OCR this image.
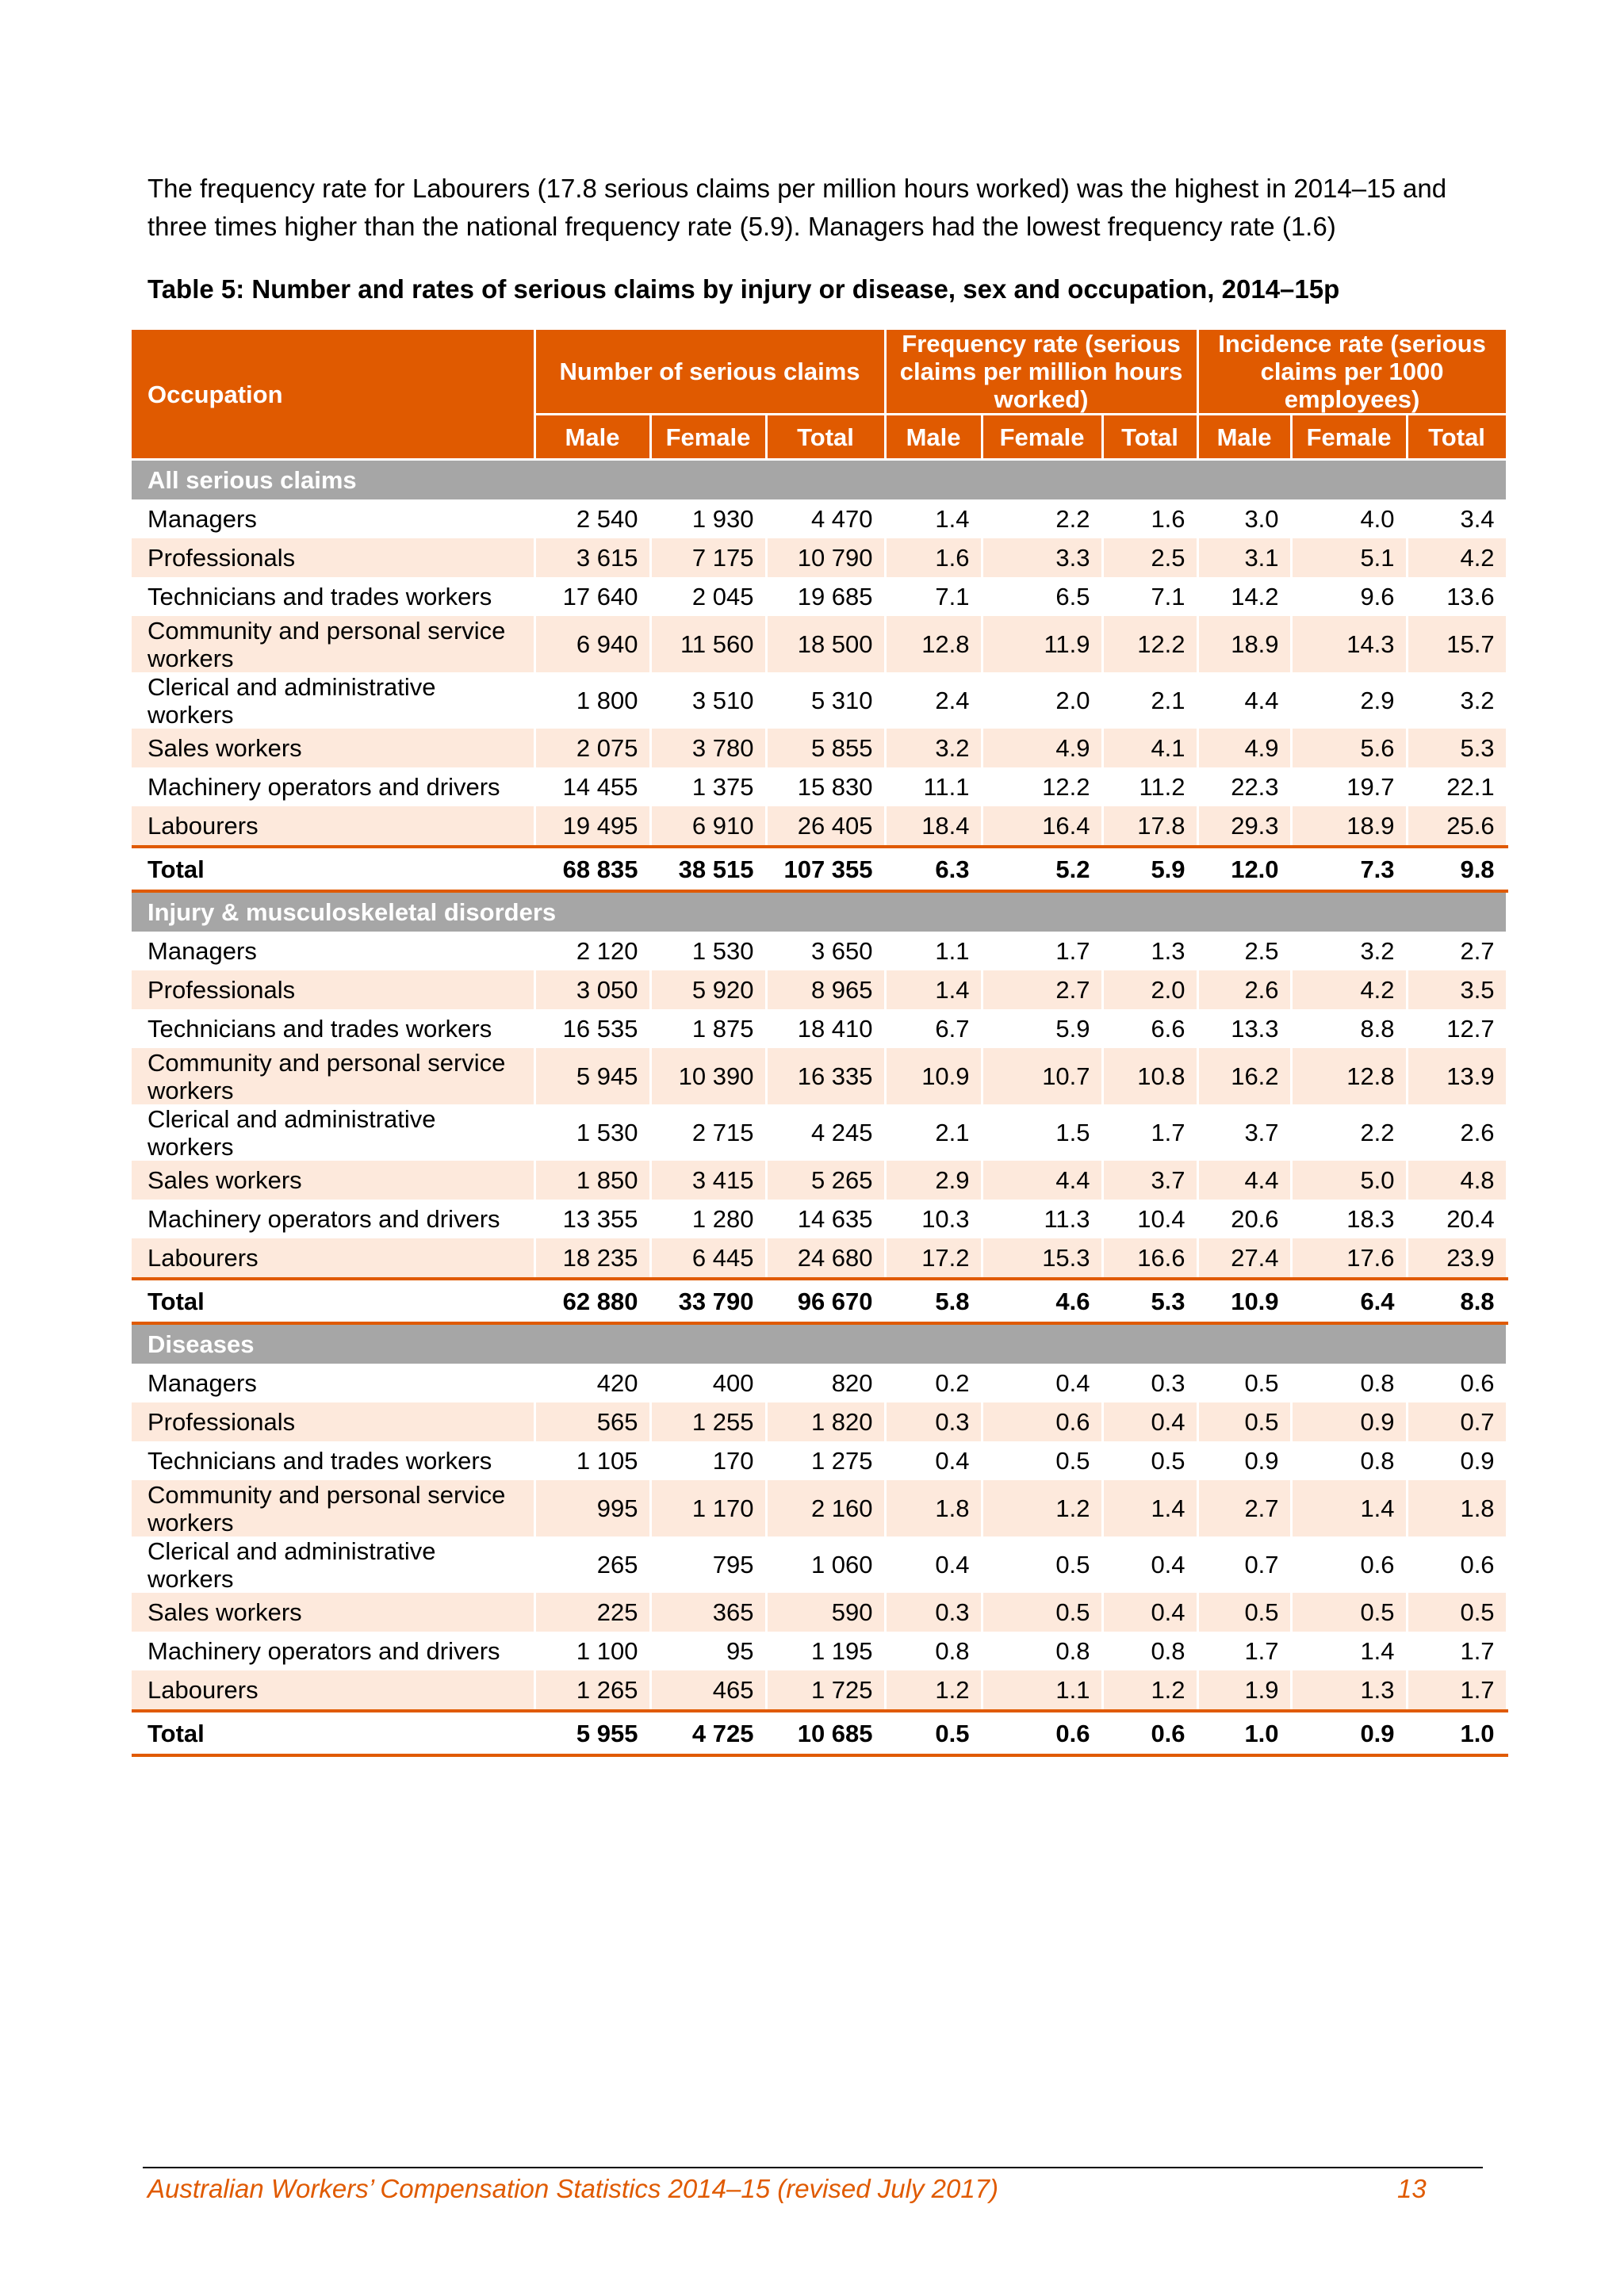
The frequency rate for Labourers (17.8 serious claims per million hours worked) was the highest in 2014–15 and three times higher than the national frequency rate (5.9). Managers had the lowest frequency rate (1.6)

Table 5: Number and rates of serious claims by injury or disease, sex and occupation, 2014–15p

Occupation	Number of serious claims			Frequency rate (serious claims per million hours worked)			Incidence rate (serious claims per 1000 employees)		
	Male	Female	Total	Male	Female	Total	Male	Female	Total
All serious claims									
Managers	2 540	1 930	4 470	1.4	2.2	1.6	3.0	4.0	3.4
Professionals	3 615	7 175	10 790	1.6	3.3	2.5	3.1	5.1	4.2
Technicians and trades workers	17 640	2 045	19 685	7.1	6.5	7.1	14.2	9.6	13.6
Community and personal service workers	6 940	11 560	18 500	12.8	11.9	12.2	18.9	14.3	15.7
Clerical and administrative workers	1 800	3 510	5 310	2.4	2.0	2.1	4.4	2.9	3.2
Sales workers	2 075	3 780	5 855	3.2	4.9	4.1	4.9	5.6	5.3
Machinery operators and drivers	14 455	1 375	15 830	11.1	12.2	11.2	22.3	19.7	22.1
Labourers	19 495	6 910	26 405	18.4	16.4	17.8	29.3	18.9	25.6
Total	68 835	38 515	107 355	6.3	5.2	5.9	12.0	7.3	9.8
Injury & musculoskeletal disorders									
Managers	2 120	1 530	3 650	1.1	1.7	1.3	2.5	3.2	2.7
Professionals	3 050	5 920	8 965	1.4	2.7	2.0	2.6	4.2	3.5
Technicians and trades workers	16 535	1 875	18 410	6.7	5.9	6.6	13.3	8.8	12.7
Community and personal service workers	5 945	10 390	16 335	10.9	10.7	10.8	16.2	12.8	13.9
Clerical and administrative workers	1 530	2 715	4 245	2.1	1.5	1.7	3.7	2.2	2.6
Sales workers	1 850	3 415	5 265	2.9	4.4	3.7	4.4	5.0	4.8
Machinery operators and drivers	13 355	1 280	14 635	10.3	11.3	10.4	20.6	18.3	20.4
Labourers	18 235	6 445	24 680	17.2	15.3	16.6	27.4	17.6	23.9
Total	62 880	33 790	96 670	5.8	4.6	5.3	10.9	6.4	8.8
Diseases									
Managers	420	400	820	0.2	0.4	0.3	0.5	0.8	0.6
Professionals	565	1 255	1 820	0.3	0.6	0.4	0.5	0.9	0.7
Technicians and trades workers	1 105	170	1 275	0.4	0.5	0.5	0.9	0.8	0.9
Community and personal service workers	995	1 170	2 160	1.8	1.2	1.4	2.7	1.4	1.8
Clerical and administrative workers	265	795	1 060	0.4	0.5	0.4	0.7	0.6	0.6
Sales workers	225	365	590	0.3	0.5	0.4	0.5	0.5	0.5
Machinery operators and drivers	1 100	95	1 195	0.8	0.8	0.8	1.7	1.4	1.7
Labourers	1 265	465	1 725	1.2	1.1	1.2	1.9	1.3	1.7
Total	5 955	4 725	10 685	0.5	0.6	0.6	1.0	0.9	1.0
Australian Workers’ Compensation Statistics 2014–15 (revised July 2017)	13
